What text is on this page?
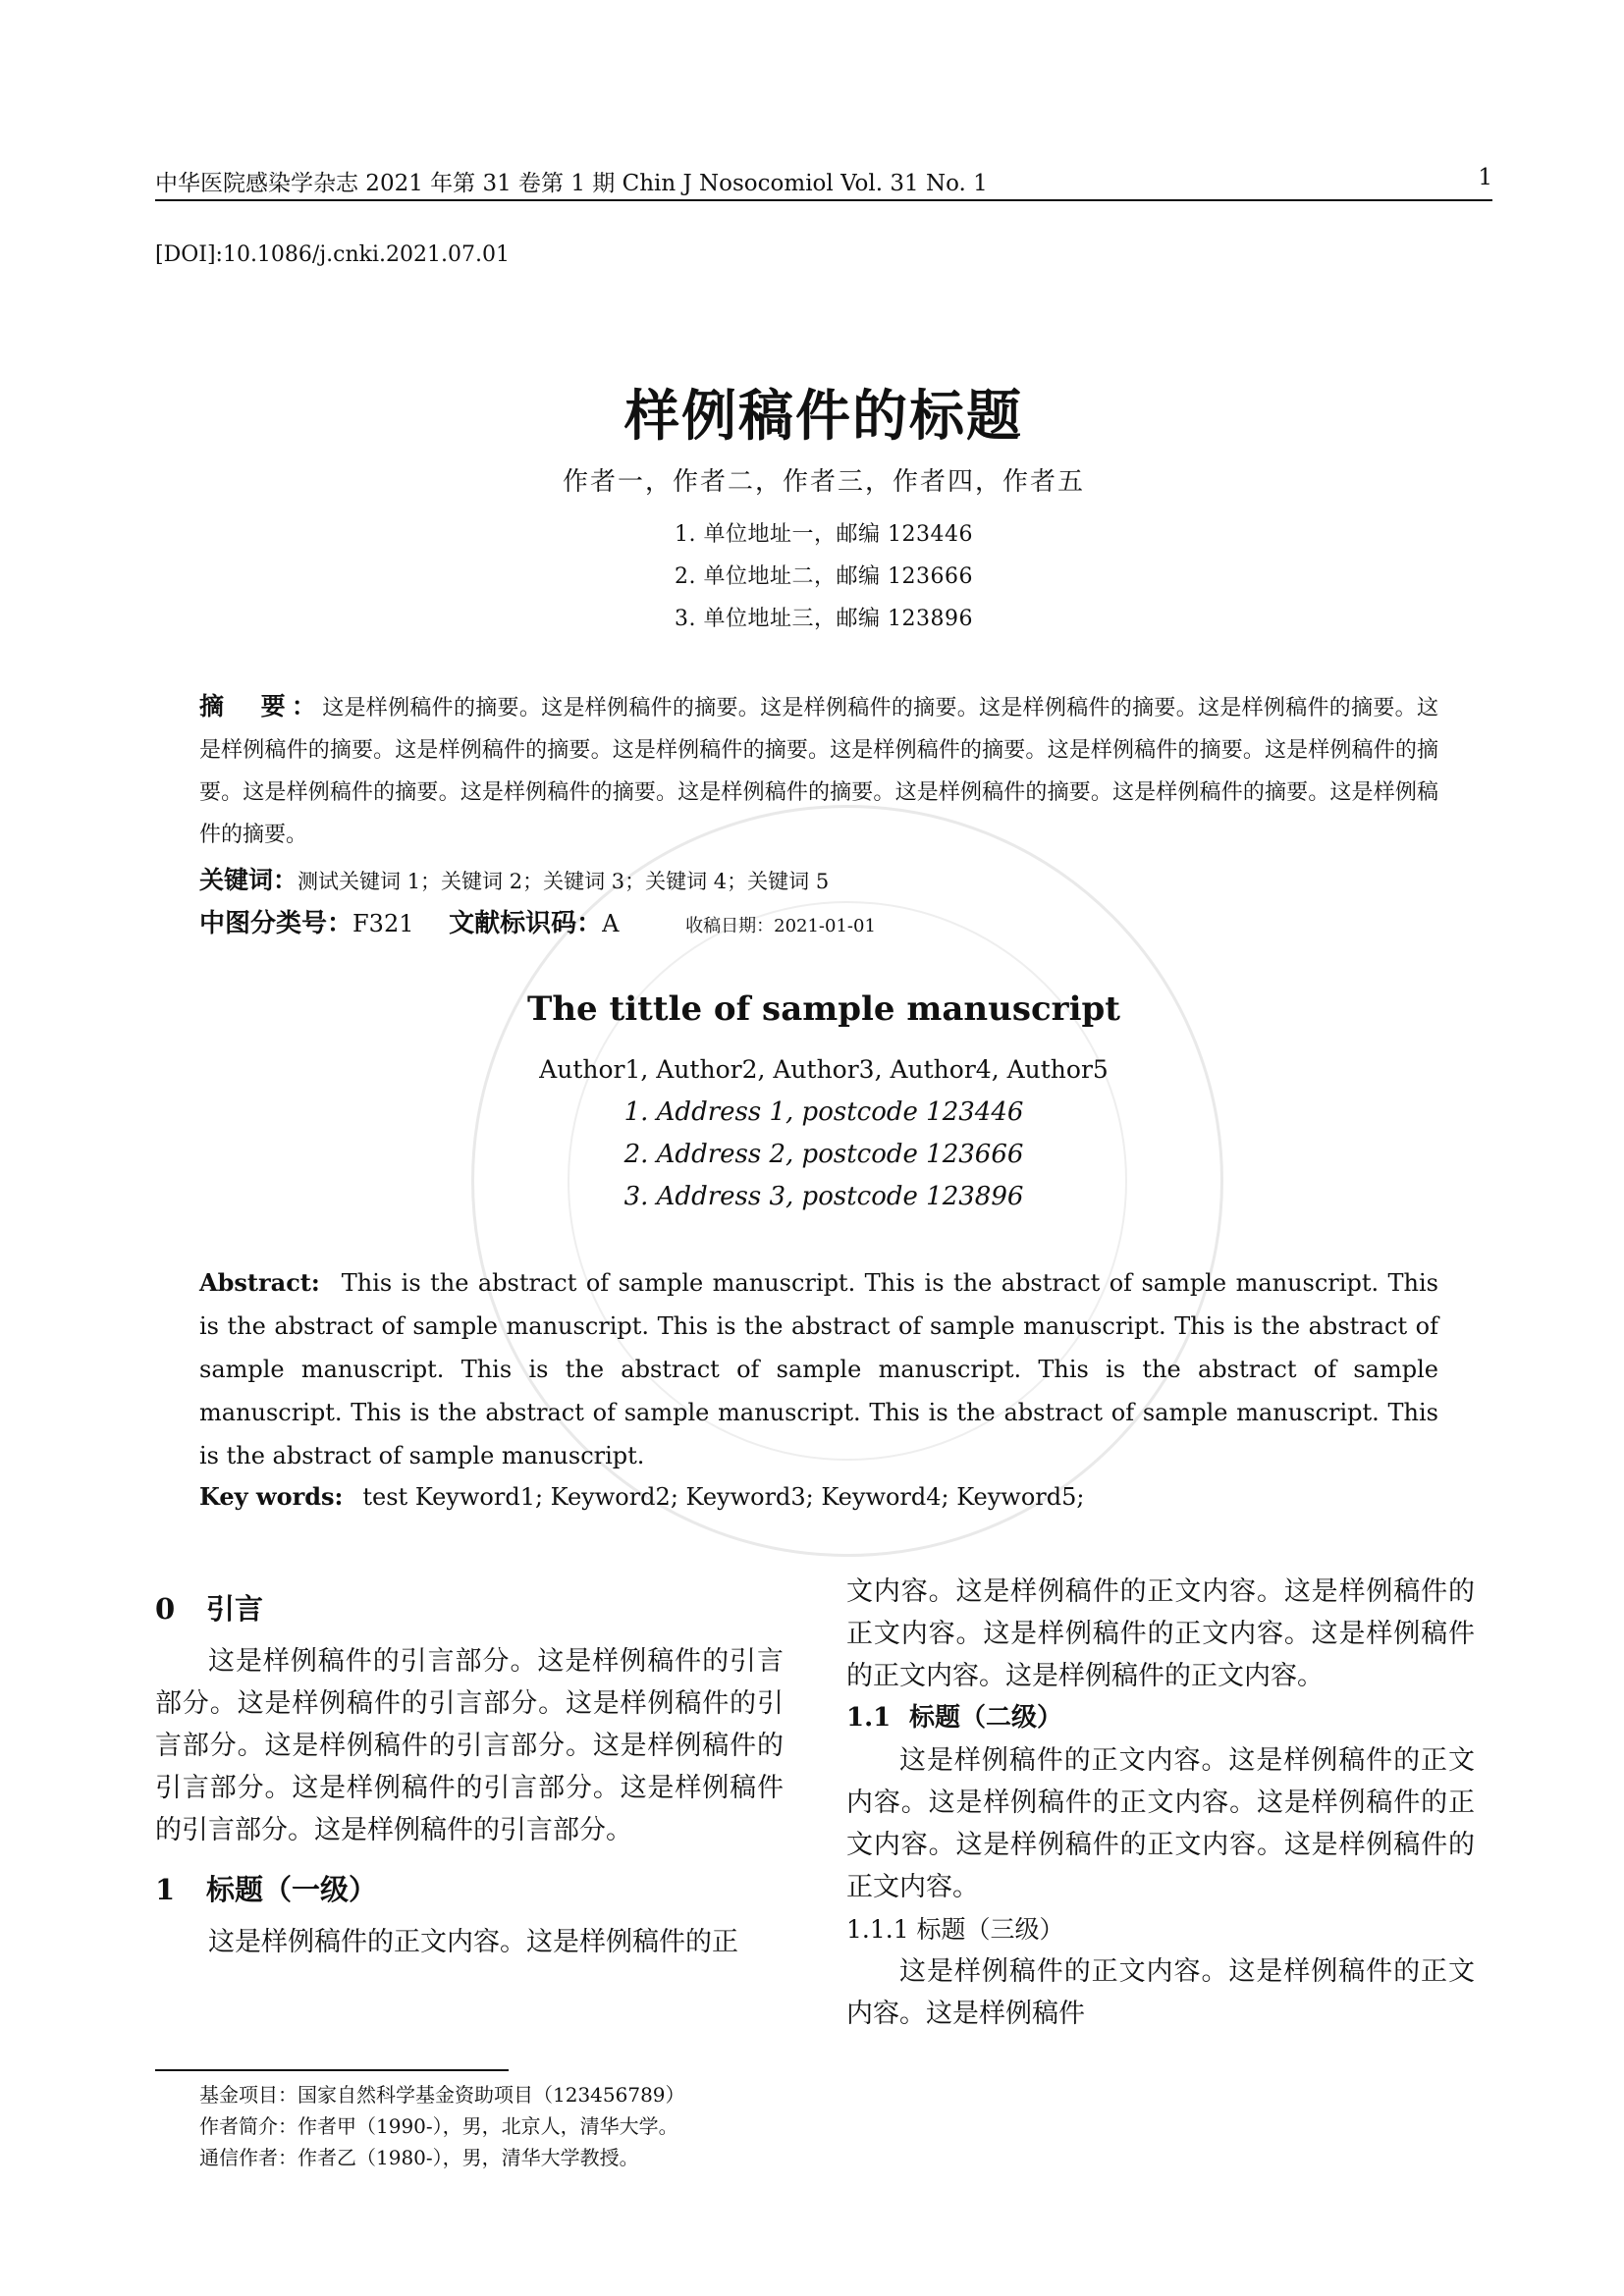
中华医院感染学杂志 2021 年第 31 卷第 1 期 Chin J Nosocomiol Vol. 31 No. 1	1
[DOI]:10.1086/j.cnki.2021.07.01
样例稿件的标题
作者一，作者二，作者三，作者四，作者五
1. 单位地址一，邮编 123446
2. 单位地址二，邮编 123666
3. 单位地址三，邮编 123896
摘　要：这是样例稿件的摘要。这是样例稿件的摘要。这是样例稿件的摘要。这是样例稿件的摘要。这是样例稿件的摘要。这是样例稿件的摘要。这是样例稿件的摘要。这是样例稿件的摘要。这是样例稿件的摘要。这是样例稿件的摘要。这是样例稿件的摘要。这是样例稿件的摘要。这是样例稿件的摘要。这是样例稿件的摘要。这是样例稿件的摘要。这是样例稿件的摘要。这是样例稿件的摘要。
关键词：测试关键词 1；关键词 2；关键词 3；关键词 4；关键词 5
中图分类号：F321 文献标识码：A	收稿日期：2021-01-01
The tittle of sample manuscript
Author1, Author2, Author3, Author4, Author5
1. Address 1, postcode 123446
2. Address 2, postcode 123666
3. Address 3, postcode 123896
Abstract: This is the abstract of sample manuscript. This is the abstract of sample manuscript. This is the abstract of sample manuscript. This is the abstract of sample manuscript. This is the abstract of sample manuscript. This is the abstract of sample manuscript. This is the abstract of sample manuscript. This is the abstract of sample manuscript. This is the abstract of sample manuscript. This is the abstract of sample manuscript.
Key words: test Keyword1; Keyword2; Keyword3; Keyword4; Keyword5;

0 引言

这是样例稿件的引言部分。这是样例稿件的引言部分。这是样例稿件的引言部分。这是样例稿件的引言部分。这是样例稿件的引言部分。这是样例稿件的引言部分。这是样例稿件的引言部分。这是样例稿件的引言部分。这是样例稿件的引言部分。

1 标题（一级）

这是样例稿件的正文内容。这是样例稿件的正

文内容。这是样例稿件的正文内容。这是样例稿件的正文内容。这是样例稿件的正文内容。这是样例稿件的正文内容。这是样例稿件的正文内容。

1.1 标题（二级）

这是样例稿件的正文内容。这是样例稿件的正文内容。这是样例稿件的正文内容。这是样例稿件的正文内容。这是样例稿件的正文内容。这是样例稿件的正文内容。

1.1.1 标题（三级）

这是样例稿件的正文内容。这是样例稿件的正文内容。这是样例稿件

基金项目：国家自然科学基金资助项目（123456789）
作者简介：作者甲（1990-），男，北京人，清华大学。
通信作者：作者乙（1980-），男，清华大学教授。
